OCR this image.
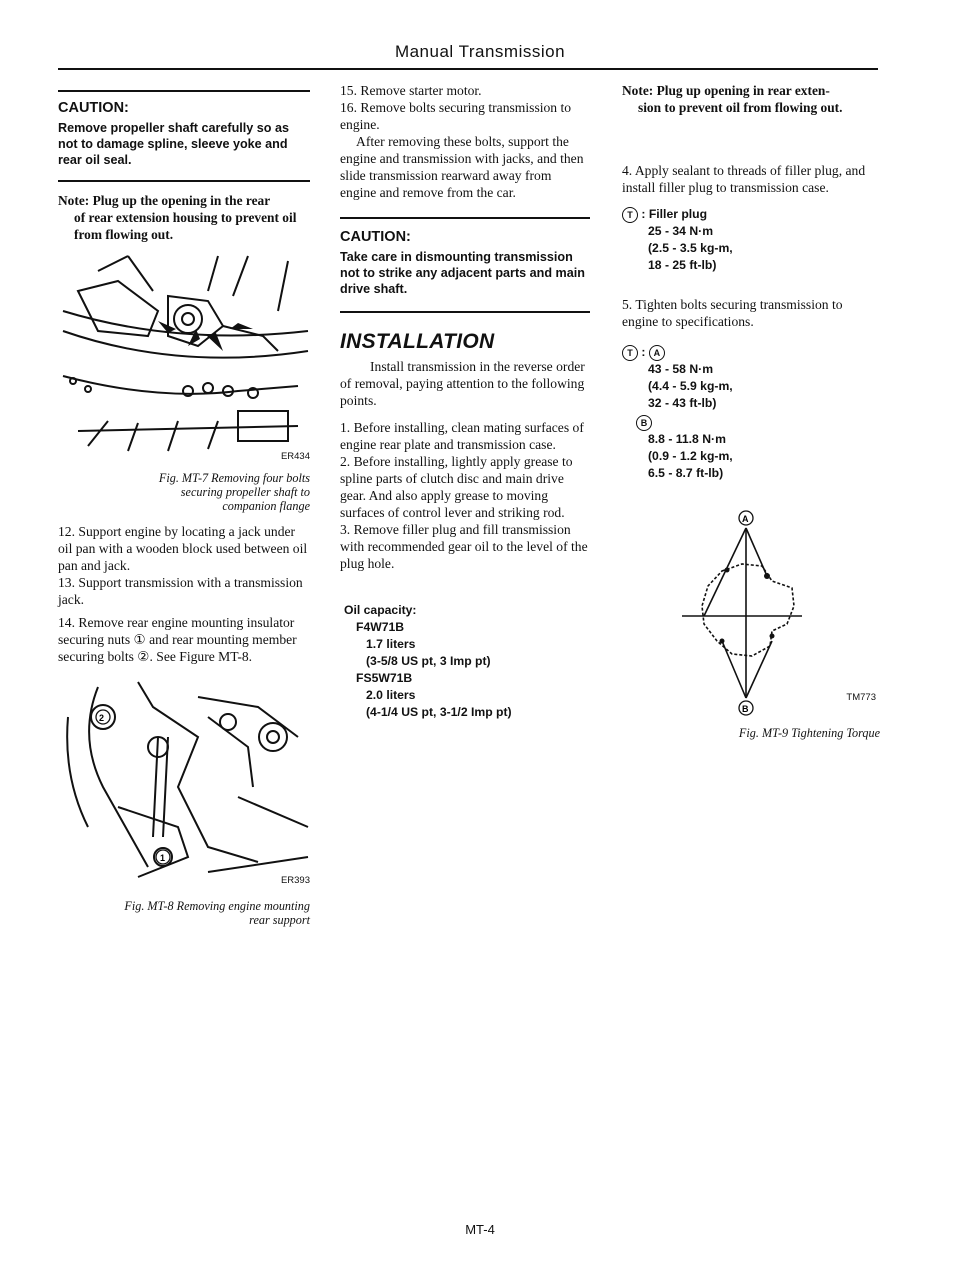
Manual Transmission
CAUTION:
Remove propeller shaft carefully so as not to damage spline, sleeve yoke and rear oil seal.
Note: Plug up the opening in the rear
of rear extension housing to prevent oil from flowing out.
ER434
Fig. MT-7 Removing four bolts
securing propeller shaft to
companion flange

12. Support engine by locating a jack under oil pan with a wooden block used between oil pan and jack.

13. Support transmission with a transmission jack.

14. Remove rear engine mounting insulator securing nuts ① and rear mounting member securing bolts ②. See Figure MT-8.

2
1
ER393
Fig. MT-8 Removing engine mounting
rear support

15. Remove starter motor.

16. Remove bolts securing transmission to engine.

After removing these bolts, support the engine and transmission with jacks, and then slide transmission rearward away from engine and remove from the car.

CAUTION:
Take care in dismounting transmission not to strike any adjacent parts and main drive shaft.
INSTALLATION

Install transmission in the reverse order of removal, paying attention to the following points.

1. Before installing, clean mating surfaces of engine rear plate and transmission case.

2. Before installing, lightly apply grease to spline parts of clutch disc and main drive gear. And also apply grease to moving surfaces of control lever and striking rod.

3. Remove filler plug and fill transmission with recommended gear oil to the level of the plug hole.

Oil capacity:
F4W71B
1.7 liters
(3-5/8 US pt, 3 Imp pt)
FS5W71B
2.0 liters
(4-1/4 US pt, 3-1/2 Imp pt)
Note: Plug up opening in rear exten-
sion to prevent oil from flowing out.

4. Apply sealant to threads of filler plug, and install filler plug to transmission case.

T : Filler plug
25 - 34 N·m
(2.5 - 3.5 kg-m,
18 - 25 ft-lb)

5. Tighten bolts securing transmission to engine to specifications.

T : A
43 - 58 N·m
(4.4 - 5.9 kg-m,
32 - 43 ft-lb)
B
8.8 - 11.8 N·m
(0.9 - 1.2 kg-m,
6.5 - 8.7 ft-lb)
A
B
TM773
Fig. MT-9 Tightening Torque
MT-4
